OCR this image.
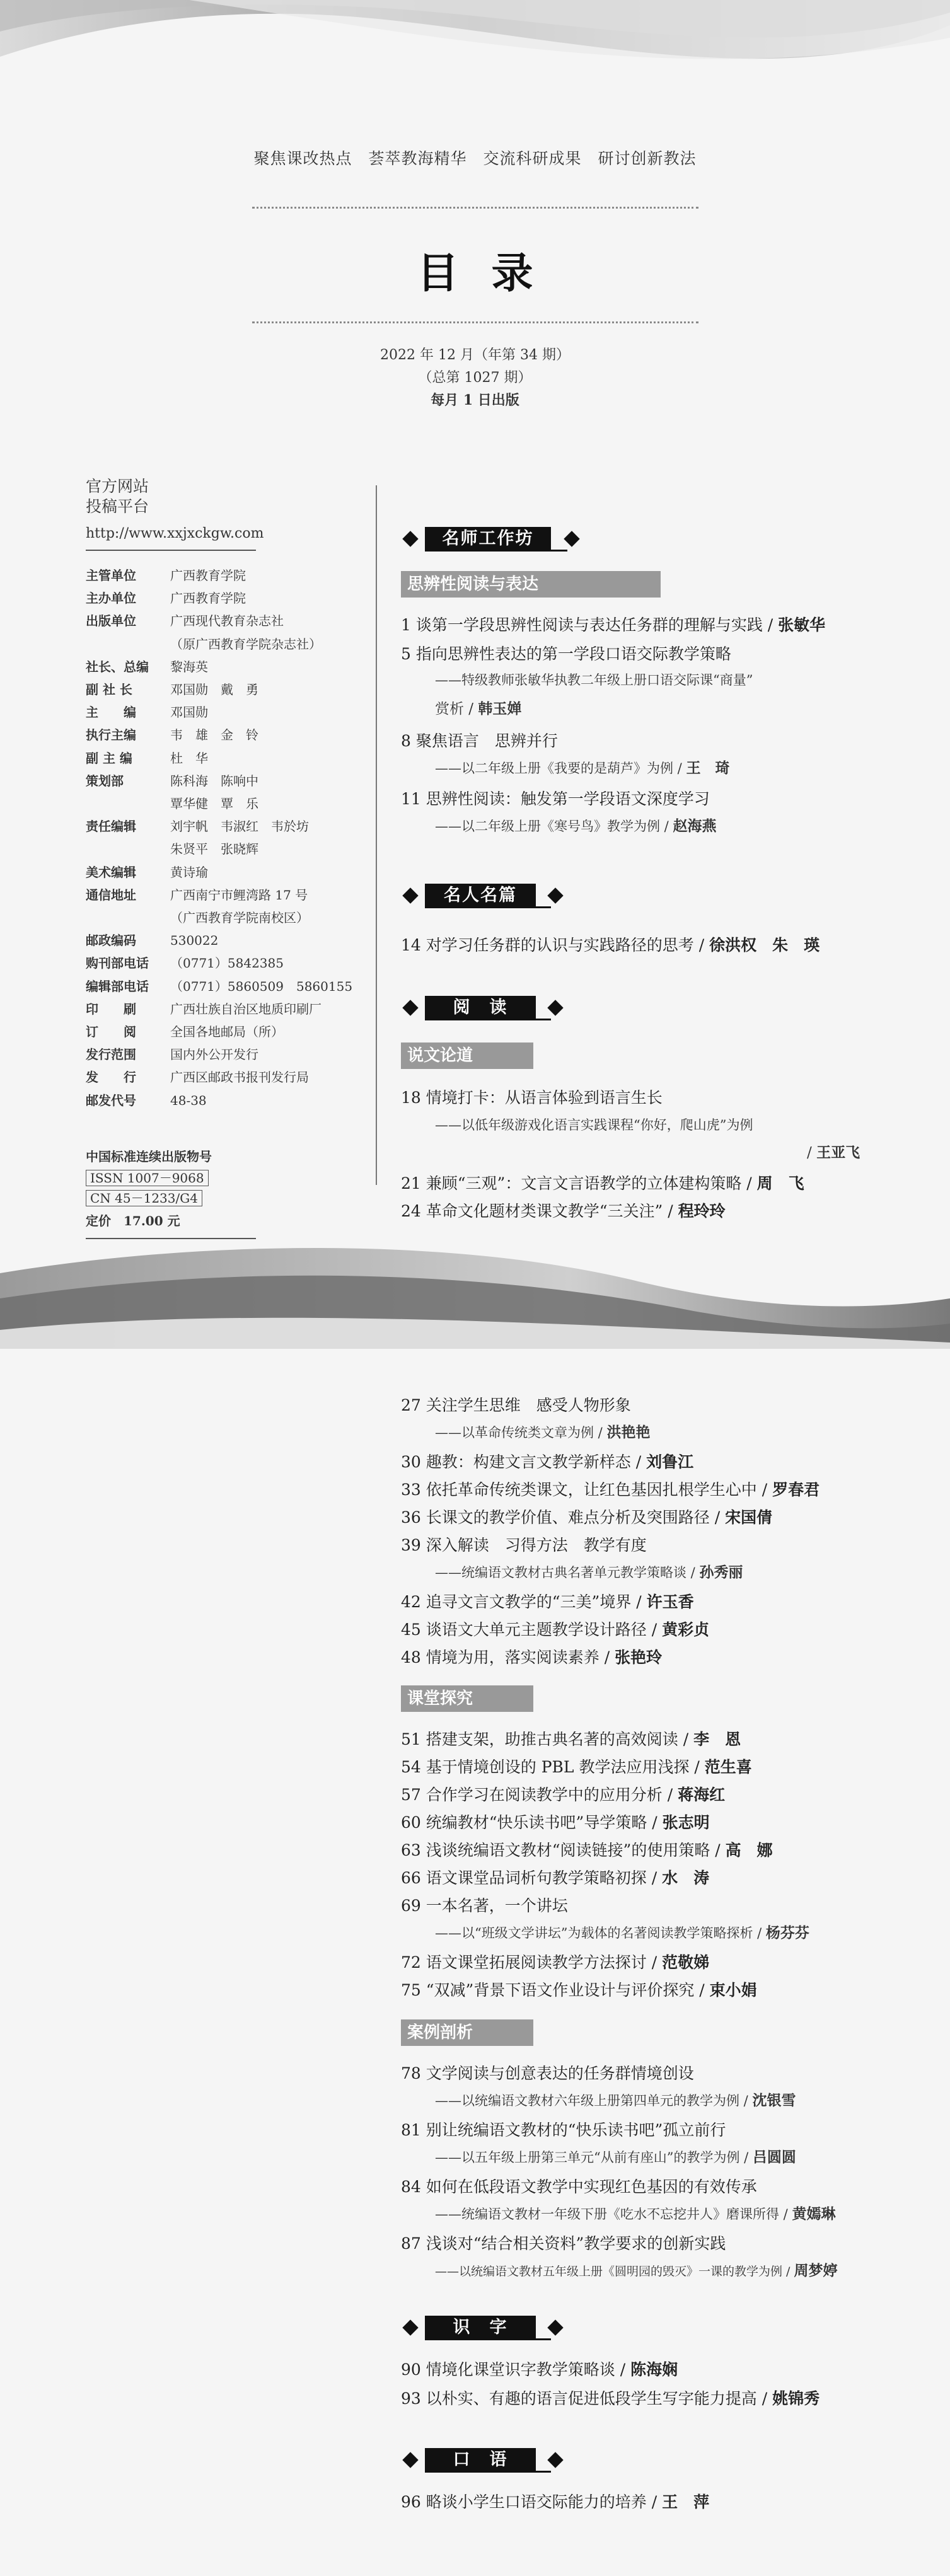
聚焦课改热点　荟萃教海精华　交流科研成果　研讨创新教法
目录
2022 年 12 月（年第 34 期）
（总第 1027 期）
每月 1 日出版
官方网站
投稿平台
http://www.xxjxckgw.com
主管单位	广西教育学院
主办单位	广西教育学院
出版单位	广西现代教育杂志社
（原广西教育学院杂志社）
社长、总编	黎海英
副 社 长	邓国勋　戴　勇
主　　编	邓国勋
执行主编	韦　雄　金　铃
副 主 编	杜　华
策划部	陈科海　陈响中
覃华健　覃　乐
责任编辑	刘宇帆　韦淑红　韦於坊
朱贤平　张晓辉
美术编辑	黄诗瑜
通信地址	广西南宁市鲤湾路 17 号
（广西教育学院南校区）
邮政编码	530022
购刊部电话	（0771）5842385
编辑部电话	（0771）5860509　5860155
印　　刷	广西壮族自治区地质印刷厂
订　　阅	全国各地邮局（所）
发行范围	国内外公开发行
发　　行	广西区邮政书报刊发行局
邮发代号	48-38
中国标准连续出版物号
ISSN 1007－9068
CN 45－1233/G4
定价　17.00 元
名师工作坊
思辨性阅读与表达
1 谈第一学段思辨性阅读与表达任务群的理解与实践 / 张敏华
5 指向思辨性表达的第一学段口语交际教学策略
——特级教师张敏华执教二年级上册口语交际课“商量”
赏析 / 韩玉婵
8 聚焦语言　思辨并行
——以二年级上册《我要的是葫芦》为例 / 王　琦
11 思辨性阅读：触发第一学段语文深度学习
——以二年级上册《寒号鸟》教学为例 / 赵海燕
名人名篇
14 对学习任务群的认识与实践路径的思考 / 徐洪权　朱　瑛
阅　读
说文论道
18 情境打卡：从语言体验到语言生长
——以低年级游戏化语言实践课程“你好，爬山虎”为例
/ 王亚飞
21 兼顾“三观”：文言文言语教学的立体建构策略 / 周　飞
24 革命文化题材类课文教学“三关注” / 程玲玲
27 关注学生思维　感受人物形象
——以革命传统类文章为例 / 洪艳艳
30 趣教：构建文言文教学新样态 / 刘鲁江
33 依托革命传统类课文，让红色基因扎根学生心中 / 罗春君
36 长课文的教学价值、难点分析及突围路径 / 宋国倩
39 深入解读　习得方法　教学有度
——统编语文教材古典名著单元教学策略谈 / 孙秀丽
42 追寻文言文教学的“三美”境界 / 许玉香
45 谈语文大单元主题教学设计路径 / 黄彩贞
48 情境为用，落实阅读素养 / 张艳玲
课堂探究
51 搭建支架，助推古典名著的高效阅读 / 李　恩
54 基于情境创设的 PBL 教学法应用浅探 / 范生喜
57 合作学习在阅读教学中的应用分析 / 蒋海红
60 统编教材“快乐读书吧”导学策略 / 张志明
63 浅谈统编语文教材“阅读链接”的使用策略 / 高　娜
66 语文课堂品词析句教学策略初探 / 水　涛
69 一本名著，一个讲坛
——以“班级文学讲坛”为载体的名著阅读教学策略探析 / 杨芬芬
72 语文课堂拓展阅读教学方法探讨 / 范敬娣
75 “双减”背景下语文作业设计与评价探究 / 束小娟
案例剖析
78 文学阅读与创意表达的任务群情境创设
——以统编语文教材六年级上册第四单元的教学为例 / 沈银雪
81 别让统编语文教材的“快乐读书吧”孤立前行
——以五年级上册第三单元“从前有座山”的教学为例 / 吕圆圆
84 如何在低段语文教学中实现红色基因的有效传承
——统编语文教材一年级下册《吃水不忘挖井人》磨课所得 / 黄嫣琳
87 浅谈对“结合相关资料”教学要求的创新实践
——以统编语文教材五年级上册《圆明园的毁灭》一课的教学为例 / 周梦婷
识　字
90 情境化课堂识字教学策略谈 / 陈海娴
93 以朴实、有趣的语言促进低段学生写字能力提高 / 姚锦秀
口　语
96 略谈小学生口语交际能力的培养 / 王　萍
